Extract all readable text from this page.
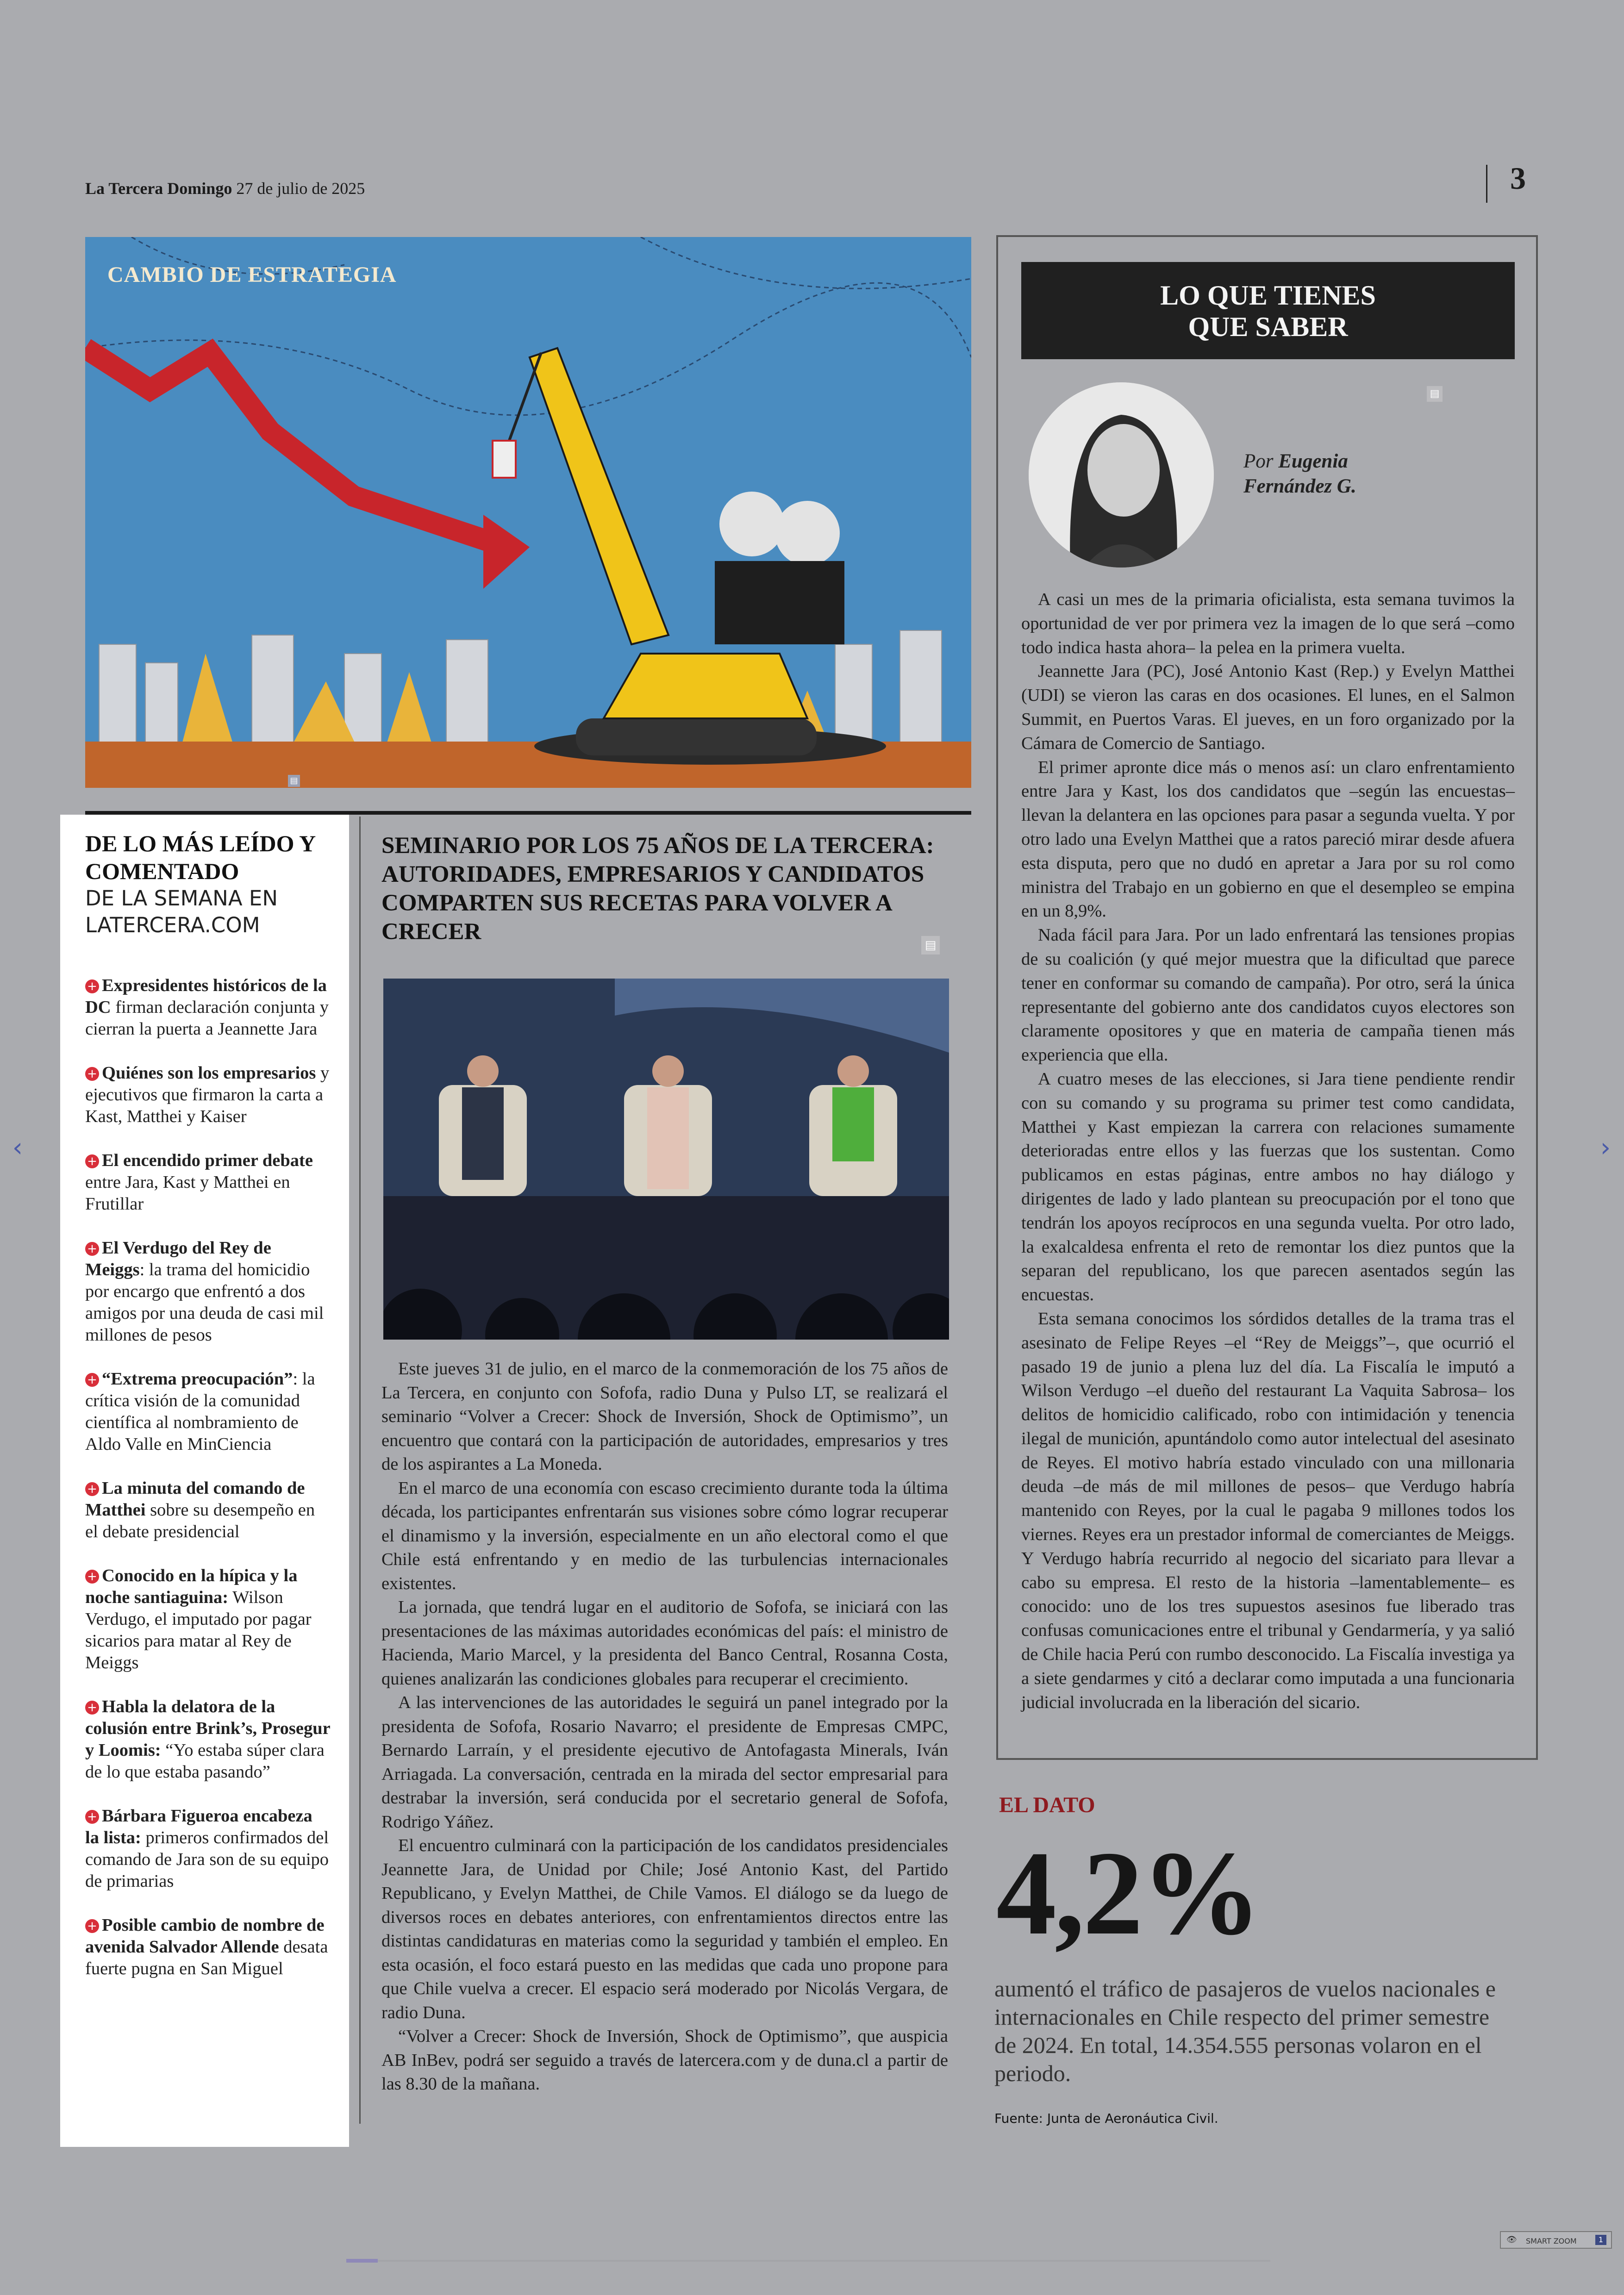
‹	›
La Tercera Domingo 27 de julio de 2025	3
CAMBIO DE ESTRATEGIA
▤
DE LO MÁS LEÍDO Y COMENTADO
DE LA SEMANA EN LATERCERA.COM
+ Expresidentes históricos de la DC firman declaración conjunta y cierran la puerta a Jeannette Jara
+ Quiénes son los empresarios y ejecutivos que firmaron la carta a Kast, Matthei y Kaiser
+ El encendido primer debate entre Jara, Kast y Matthei en Frutillar
+ El Verdugo del Rey de Meiggs: la trama del homicidio por encargo que enfrentó a dos amigos por una deuda de casi mil millones de pesos
+ “Extrema preocupación”: la crítica visión de la comunidad científica al nombramiento de Aldo Valle en MinCiencia
+ La minuta del comando de Matthei sobre su desempeño en el debate presidencial
+ Conocido en la hípica y la noche santiaguina: Wilson Verdugo, el imputado por pagar sicarios para matar al Rey de Meiggs
+ Habla la delatora de la colusión entre Brink’s, Prosegur y Loomis: “Yo estaba súper clara de lo que estaba pasando”
+ Bárbara Figueroa encabeza la lista: primeros confirmados del comando de Jara son de su equipo de primarias
+ Posible cambio de nombre de avenida Salvador Allende desata fuerte pugna en San Miguel
SEMINARIO POR LOS 75 AÑOS DE LA TERCERA: AUTORIDADES, EMPRESARIOS Y CANDIDATOS COMPARTEN SUS RECETAS PARA VOLVER A CRECER
▤

Este jueves 31 de julio, en el marco de la conmemoración de los 75 años de La Tercera, en conjunto con Sofofa, radio Duna y Pulso LT, se realizará el seminario “Volver a Crecer: Shock de Inversión, Shock de Optimismo”, un encuentro que contará con la participación de autoridades, empresarios y tres de los aspirantes a La Moneda.

En el marco de una economía con escaso crecimiento durante toda la última década, los participantes enfrentarán sus visiones sobre cómo lograr recuperar el dinamismo y la inversión, especialmente en un año electoral como el que Chile está enfrentando y en medio de las turbulencias internacionales existentes.

La jornada, que tendrá lugar en el auditorio de Sofofa, se iniciará con las presentaciones de las máximas autoridades económicas del país: el ministro de Hacienda, Mario Marcel, y la presidenta del Banco Central, Rosanna Costa, quienes analizarán las condiciones globales para recuperar el crecimiento.

A las intervenciones de las autoridades le seguirá un panel integrado por la presidenta de Sofofa, Rosario Navarro; el presidente de Empresas CMPC, Bernardo Larraín, y el presidente ejecutivo de Antofagasta Minerals, Iván Arriagada. La conversación, centrada en la mirada del sector empresarial para destrabar la inversión, será conducida por el secretario general de Sofofa, Rodrigo Yáñez.

El encuentro culminará con la participación de los candidatos presidenciales Jeannette Jara, de Unidad por Chile; José Antonio Kast, del Partido Republicano, y Evelyn Matthei, de Chile Vamos. El diálogo se da luego de diversos roces en debates anteriores, con enfrentamientos directos entre las distintas candidaturas en materias como la seguridad y también el empleo. En esta ocasión, el foco estará puesto en las medidas que cada uno propone para que Chile vuelva a crecer. El espacio será moderado por Nicolás Vergara, de radio Duna.

“Volver a Crecer: Shock de Inversión, Shock de Optimismo”, que auspicia AB InBev, podrá ser seguido a través de latercera.com y de duna.cl a partir de las 8.30 de la mañana.

LO QUE TIENES
QUE SABER
▤
Por Eugenia
Fernández G.

A casi un mes de la primaria oficialista, esta semana tuvimos la oportunidad de ver por primera vez la imagen de lo que será –como todo indica hasta ahora– la pelea en la primera vuelta.

Jeannette Jara (PC), José Antonio Kast (Rep.) y Evelyn Matthei (UDI) se vieron las caras en dos ocasiones. El lunes, en el Salmon Summit, en Puertos Varas. El jueves, en un foro organizado por la Cámara de Comercio de Santiago.

El primer apronte dice más o menos así: un claro enfrentamiento entre Jara y Kast, los dos candidatos que –según las encuestas– llevan la delantera en las opciones para pasar a segunda vuelta. Y por otro lado una Evelyn Matthei que a ratos pareció mirar desde afuera esta disputa, pero que no dudó en apretar a Jara por su rol como ministra del Trabajo en un gobierno en que el desempleo se empina en un 8,9%.

Nada fácil para Jara. Por un lado enfrentará las tensiones propias de su coalición (y qué mejor muestra que la dificultad que parece tener en conformar su comando de campaña). Por otro, será la única representante del gobierno ante dos candidatos cuyos electores son claramente opositores y que en materia de campaña tienen más experiencia que ella.

A cuatro meses de las elecciones, si Jara tiene pendiente rendir con su comando y su programa su primer test como candidata, Matthei y Kast empiezan la carrera con relaciones sumamente deterioradas entre ellos y las fuerzas que los sustentan. Como publicamos en estas páginas, entre ambos no hay diálogo y dirigentes de lado y lado plantean su preocupación por el tono que tendrán los apoyos recíprocos en una segunda vuelta. Por otro lado, la exalcaldesa enfrenta el reto de remontar los diez puntos que la separan del republicano, los que parecen asentados según las encuestas.

Esta semana conocimos los sórdidos detalles de la trama tras el asesinato de Felipe Reyes –el “Rey de Meiggs”–, que ocurrió el pasado 19 de junio a plena luz del día. La Fiscalía le imputó a Wilson Verdugo –el dueño del restaurant La Vaquita Sabrosa– los delitos de homicidio calificado, robo con intimidación y tenencia ilegal de munición, apuntándolo como autor intelectual del asesinato de Reyes. El motivo habría estado vinculado con una millonaria deuda –de más de mil millones de pesos– que Verdugo habría mantenido con Reyes, por la cual le pagaba 9 millones todos los viernes. Reyes era un prestador informal de comerciantes de Meiggs. Y Verdugo habría recurrido al negocio del sicariato para llevar a cabo su empresa. El resto de la historia –lamentablemente– es conocido: uno de los tres supuestos asesinos fue liberado tras confusas comunicaciones entre el tribunal y Gendarmería, y ya salió de Chile hacia Perú con rumbo desconocido. La Fiscalía investiga ya a siete gendarmes y citó a declarar como imputada a una funcionaria judicial involucrada en la liberación del sicario.

EL DATO
4,2%
aumentó el tráfico de pasajeros de vuelos nacionales e internacionales en Chile respecto del primer semestre de 2024. En total, 14.354.555 personas volaron en el periodo.
Fuente: Junta de Aeronáutica Civil.
👁 SMART ZOOM	1
